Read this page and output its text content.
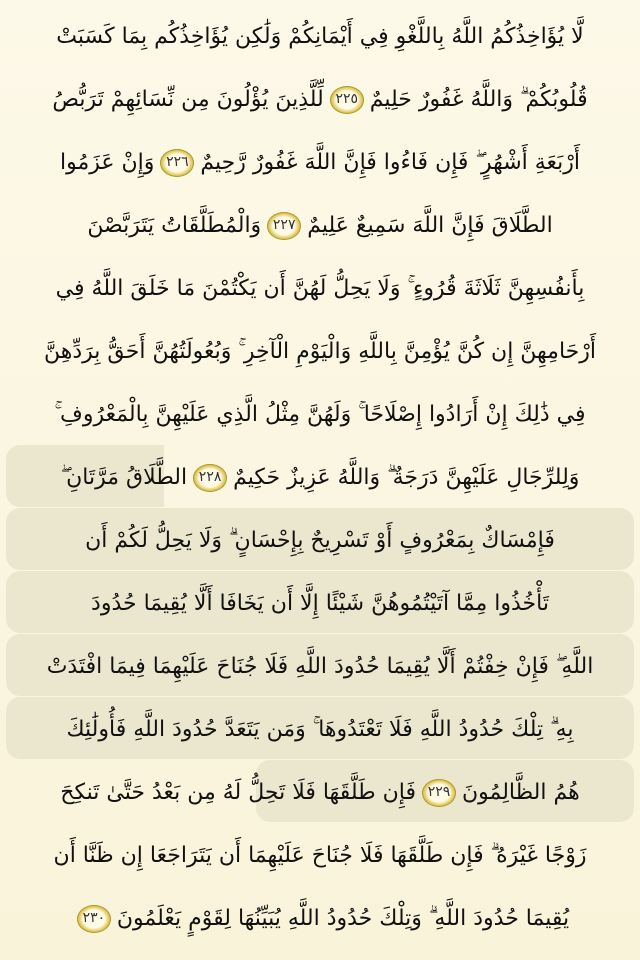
لَّا يُؤَاخِذُكُمُ اللَّهُ بِاللَّغْوِ فِي أَيْمَانِكُمْ وَلَٰكِن يُؤَاخِذُكُم بِمَا كَسَبَتْ
قُلُوبُكُمْ ۗ وَاللَّهُ غَفُورٌ حَلِيمٌ
٢٢٥
لِّلَّذِينَ يُؤْلُونَ مِن نِّسَائِهِمْ تَرَبُّصُ
أَرْبَعَةِ أَشْهُرٍ ۖ فَإِن فَاءُوا فَإِنَّ اللَّهَ غَفُورٌ رَّحِيمٌ
٢٢٦
وَإِنْ عَزَمُوا
الطَّلَاقَ فَإِنَّ اللَّهَ سَمِيعٌ عَلِيمٌ
٢٢٧
وَالْمُطَلَّقَاتُ يَتَرَبَّصْنَ
بِأَنفُسِهِنَّ ثَلَاثَةَ قُرُوءٍ ۚ وَلَا يَحِلُّ لَهُنَّ أَن يَكْتُمْنَ مَا خَلَقَ اللَّهُ فِي
أَرْحَامِهِنَّ إِن كُنَّ يُؤْمِنَّ بِاللَّهِ وَالْيَوْمِ الْآخِرِ ۚ وَبُعُولَتُهُنَّ أَحَقُّ بِرَدِّهِنَّ
فِي ذَٰلِكَ إِنْ أَرَادُوا إِصْلَاحًا ۚ وَلَهُنَّ مِثْلُ الَّذِي عَلَيْهِنَّ بِالْمَعْرُوفِ ۚ
وَلِلرِّجَالِ عَلَيْهِنَّ دَرَجَةٌ ۗ وَاللَّهُ عَزِيزٌ حَكِيمٌ
٢٢٨
الطَّلَاقُ مَرَّتَانِ ۖ
فَإِمْسَاكٌ بِمَعْرُوفٍ أَوْ تَسْرِيحٌ بِإِحْسَانٍ ۗ وَلَا يَحِلُّ لَكُمْ أَن
تَأْخُذُوا مِمَّا آتَيْتُمُوهُنَّ شَيْئًا إِلَّا أَن يَخَافَا أَلَّا يُقِيمَا حُدُودَ
اللَّهِ ۖ فَإِنْ خِفْتُمْ أَلَّا يُقِيمَا حُدُودَ اللَّهِ فَلَا جُنَاحَ عَلَيْهِمَا فِيمَا افْتَدَتْ
بِهِ ۗ تِلْكَ حُدُودُ اللَّهِ فَلَا تَعْتَدُوهَا ۚ وَمَن يَتَعَدَّ حُدُودَ اللَّهِ فَأُولَٰئِكَ
هُمُ الظَّالِمُونَ
٢٢٩
فَإِن طَلَّقَهَا فَلَا تَحِلُّ لَهُ مِن بَعْدُ حَتَّىٰ تَنكِحَ
زَوْجًا غَيْرَهُ ۗ فَإِن طَلَّقَهَا فَلَا جُنَاحَ عَلَيْهِمَا أَن يَتَرَاجَعَا إِن ظَنَّا أَن
يُقِيمَا حُدُودَ اللَّهِ ۗ وَتِلْكَ حُدُودُ اللَّهِ يُبَيِّنُهَا لِقَوْمٍ يَعْلَمُونَ
٢٣٠
